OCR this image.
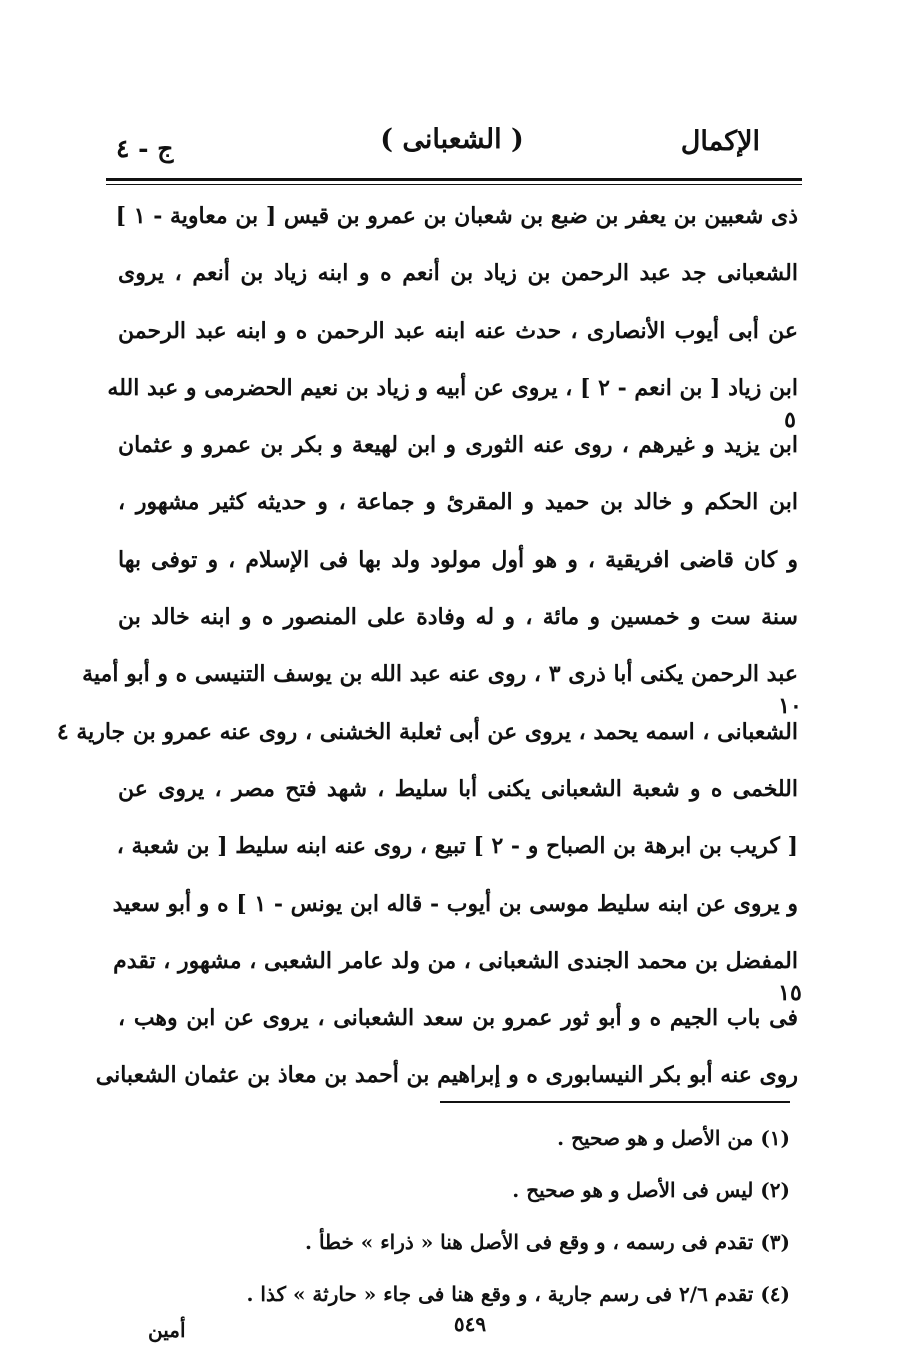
الإكمال
( الشعبانى )
ج - ٤
٥
١٠
١٥
ذى شعبين بن يعفر بن ضبع بن شعبان بن عمرو بن قيس [ بن معاوية - ١ ]
الشعبانى جد عبد الرحمن بن زياد بن أنعم ه و ابنه زياد بن أنعم ، يروى
عن أبى أيوب الأنصارى ، حدث عنه ابنه عبد الرحمن ه و ابنه عبد الرحمن
ابن زياد [ بن انعم - ٢ ] ، يروى عن أبيه و زياد بن نعيم الحضرمى و عبد الله
ابن يزيد و غيرهم ، روى عنه الثورى و ابن لهيعة و بكر بن عمرو و عثمان
ابن الحكم و خالد بن حميد و المقرئ و جماعة ، و حديثه كثير مشهور ،
و كان قاضى افريقية ، و هو أول مولود ولد بها فى الإسلام ، و توفى بها
سنة ست و خمسين و مائة ، و له وفادة على المنصور ه و ابنه خالد بن
عبد الرحمن يكنى أبا ذرى ٣ ، روى عنه عبد الله بن يوسف التنيسى ه و أبو أمية
الشعبانى ، اسمه يحمد ، يروى عن أبى ثعلبة الخشنى ، روى عنه عمرو بن جارية ٤
اللخمى ه و شعبة الشعبانى يكنى أبا سليط ، شهد فتح مصر ، يروى عن
[ كريب بن ابرهة بن الصباح و - ٢ ] تبيع ، روى عنه ابنه سليط [ بن شعبة ،
و يروى عن ابنه سليط موسى بن أيوب - قاله ابن يونس - ١ ] ه و أبو سعيد
المفضل بن محمد الجندى الشعبانى ، من ولد عامر الشعبى ، مشهور ، تقدم
فى باب الجيم ه و أبو ثور عمرو بن سعد الشعبانى ، يروى عن ابن وهب ،
روى عنه أبو بكر النيسابورى ه و إبراهيم بن أحمد بن معاذ بن عثمان الشعبانى
(١) من الأصل و هو صحيح .
(٢) ليس فى الأصل و هو صحيح .
(٣) تقدم فى رسمه ، و وقع فى الأصل هنا « ذراء » خطأ .
(٤) تقدم ٢/٦ فى رسم جارية ، و وقع هنا فى جاء « حارثة » كذا .
٥٤٩
أمين
